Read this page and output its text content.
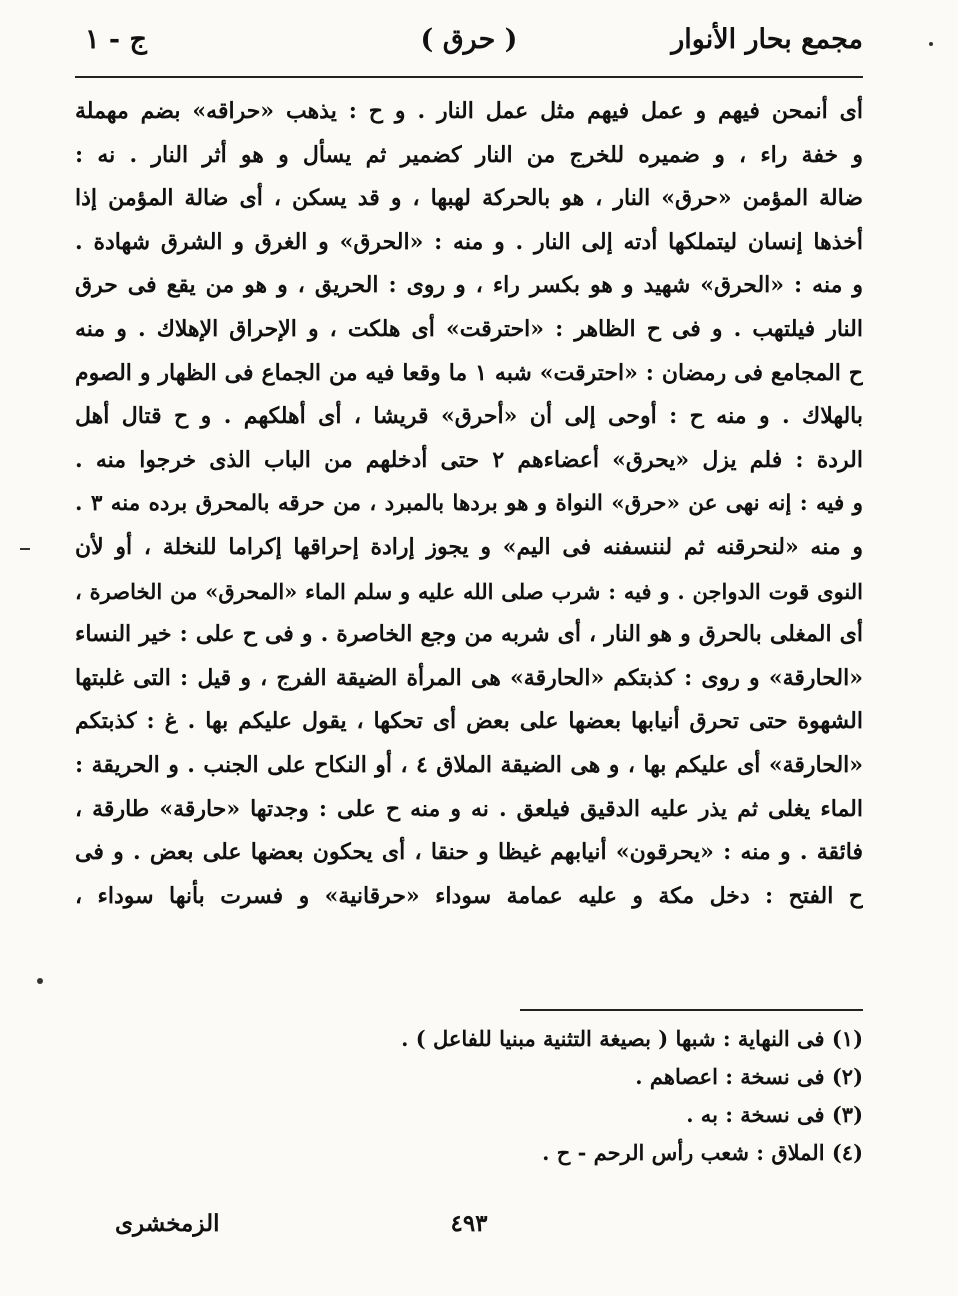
مجمع بحار الأنوار
( حرق )
ج - ١
أى أنمحن فيهم و عمل فيهم مثل عمل النار . و ح : يذهب «حراقه» بضم مهملة
و خفة راء ، و ضميره للخرج من النار كضمير ثم يسأل و هو أثر النار . نه :
ضالة المؤمن «حرق» النار ، هو بالحركة لهبها ، و قد يسكن ، أى ضالة المؤمن إذا
أخذها إنسان ليتملكها أدته إلى النار . و منه : «الحرق» و الغرق و الشرق شهادة .
و منه : «الحرق» شهيد و هو بكسر راء ، و روى : الحريق ، و هو من يقع فى حرق
النار فيلتهب . و فى ح الظاهر : «احترقت» أى هلكت ، و الإحراق الإهلاك . و منه
ح المجامع فى رمضان : «احترقت» شبه ١ ما وقعا فيه من الجماع فى الظهار و الصوم
بالهلاك . و منه ح : أوحى إلى أن «أحرق» قريشا ، أى أهلكهم . و ح قتال أهل
الردة : فلم يزل «يحرق» أعضاءهم ٢ حتى أدخلهم من الباب الذى خرجوا منه .
و فيه : إنه نهى عن «حرق» النواة و هو بردها بالمبرد ، من حرقه بالمحرق برده منه ٣ .
و منه «لنحرقنه ثم لننسفنه فى اليم» و يجوز إرادة إحراقها إكراما للنخلة ، أو لأن
النوى قوت الدواجن . و فيه : شرب صلى الله عليه و سلم الماء «المحرق» من الخاصرة ،
أى المغلى بالحرق و هو النار ، أى شربه من وجع الخاصرة . و فى ح على : خير النساء
«الحارقة» و روى : كذبتكم «الحارقة» هى المرأة الضيقة الفرج ، و قيل : التى غلبتها
الشهوة حتى تحرق أنيابها بعضها على بعض أى تحكها ، يقول عليكم بها . غ : كذبتكم
«الحارقة» أى عليكم بها ، و هى الضيقة الملاق ٤ ، أو النكاح على الجنب . و الحريقة :
الماء يغلى ثم يذر عليه الدقيق فيلعق . نه و منه ح على : وجدتها «حارقة» طارقة ،
فائقة . و منه : «يحرقون» أنيابهم غيظا و حنقا ، أى يحكون بعضها على بعض . و فى
ح الفتح : دخل مكة و عليه عمامة سوداء «حرقانية» و فسرت بأنها سوداء ،
(١) فى النهاية : شبها ( بصيغة التثنية مبنيا للفاعل ) .
(٢) فى نسخة : اعصاهم .
(٣) فى نسخة : به .
(٤) الملاق : شعب رأس الرحم - ح .
٤٩٣
الزمخشرى
